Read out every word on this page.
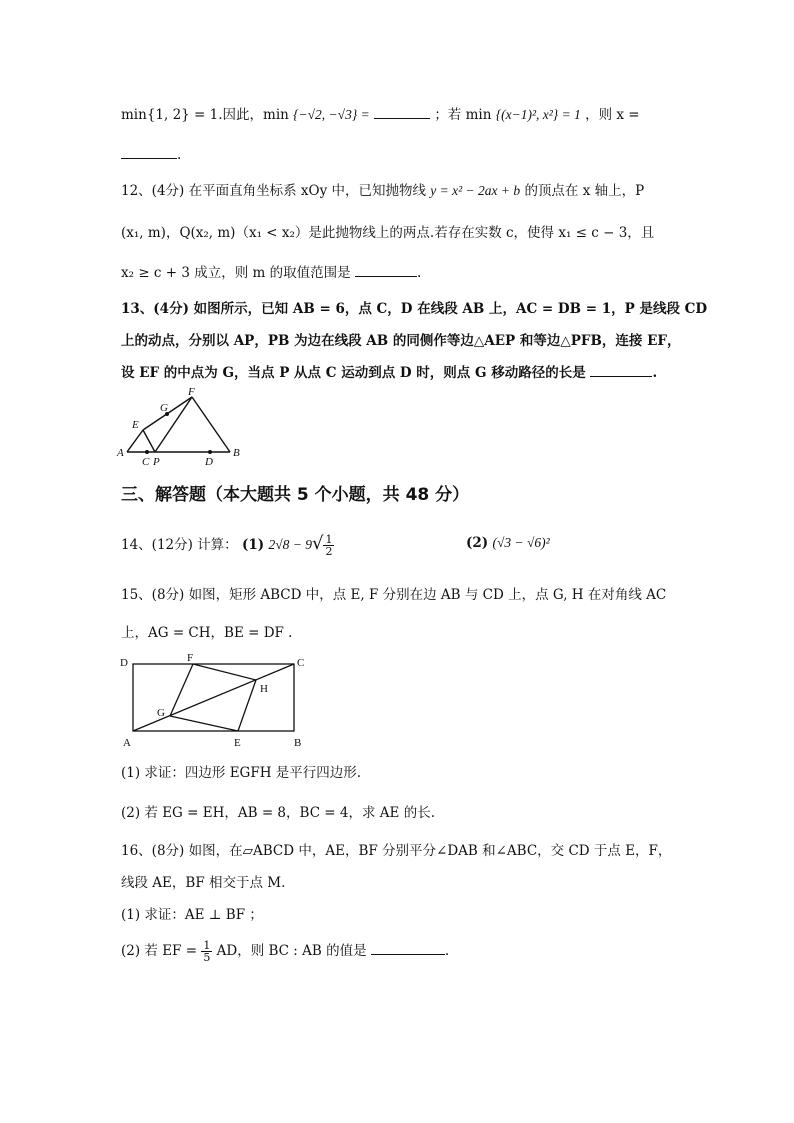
min{1, 2} = 1.因此，min {−√2, −√3} =	；若 min {(x−1)², x²} = 1 ，则 x =
.
12、(4分) 在平面直角坐标系 xOy 中，已知抛物线 y = x² − 2ax + b 的顶点在 x 轴上，P
(x₁, m)，Q(x₂, m)（x₁ < x₂）是此抛物线上的两点.若存在实数 c，使得 x₁ ≤ c − 3，且
x₂ ≥ c + 3 成立，则 m 的取值范围是	.
13、(4分) 如图所示，已知 AB = 6，点 C，D 在线段 AB 上，AC = DB = 1，P 是线段 CD
上的动点，分别以 AP，PB 为边在线段 AB 的同侧作等边△AEP 和等边△PFB，连接 EF，
设 EF 的中点为 G，当点 P 从点 C 运动到点 D 时，则点 G 移动路径的长是	.
A
C P	D
B
E
G
F
三、解答题（本大题共 5 个小题，共 48 分）
14、(12分) 计算： (1) $2√8 - 9√ \frac{1}{2}$	(2) (√3 − √6)²
15、(8分) 如图，矩形 ABCD 中，点 E, F 分别在边 AB 与 CD 上，点 G, H 在对角线 AC
上，AG = CH，BE = DF .
D	F	C
H
G
A	E	B
(1) 求证：四边形 EGFH 是平行四边形.
(2) 若 EG = EH，AB = 8，BC = 4，求 AE 的长.
16、(8分) 如图，在▱ABCD 中，AE，BF 分别平分∠DAB 和∠ABC，交 CD 于点 E，F，
线段 AE，BF 相交于点 M.
(1) 求证：AE ⊥ BF ；
(2) 若 EF = $\frac{1}{5}$ AD，则 BC : AB 的值是	.
